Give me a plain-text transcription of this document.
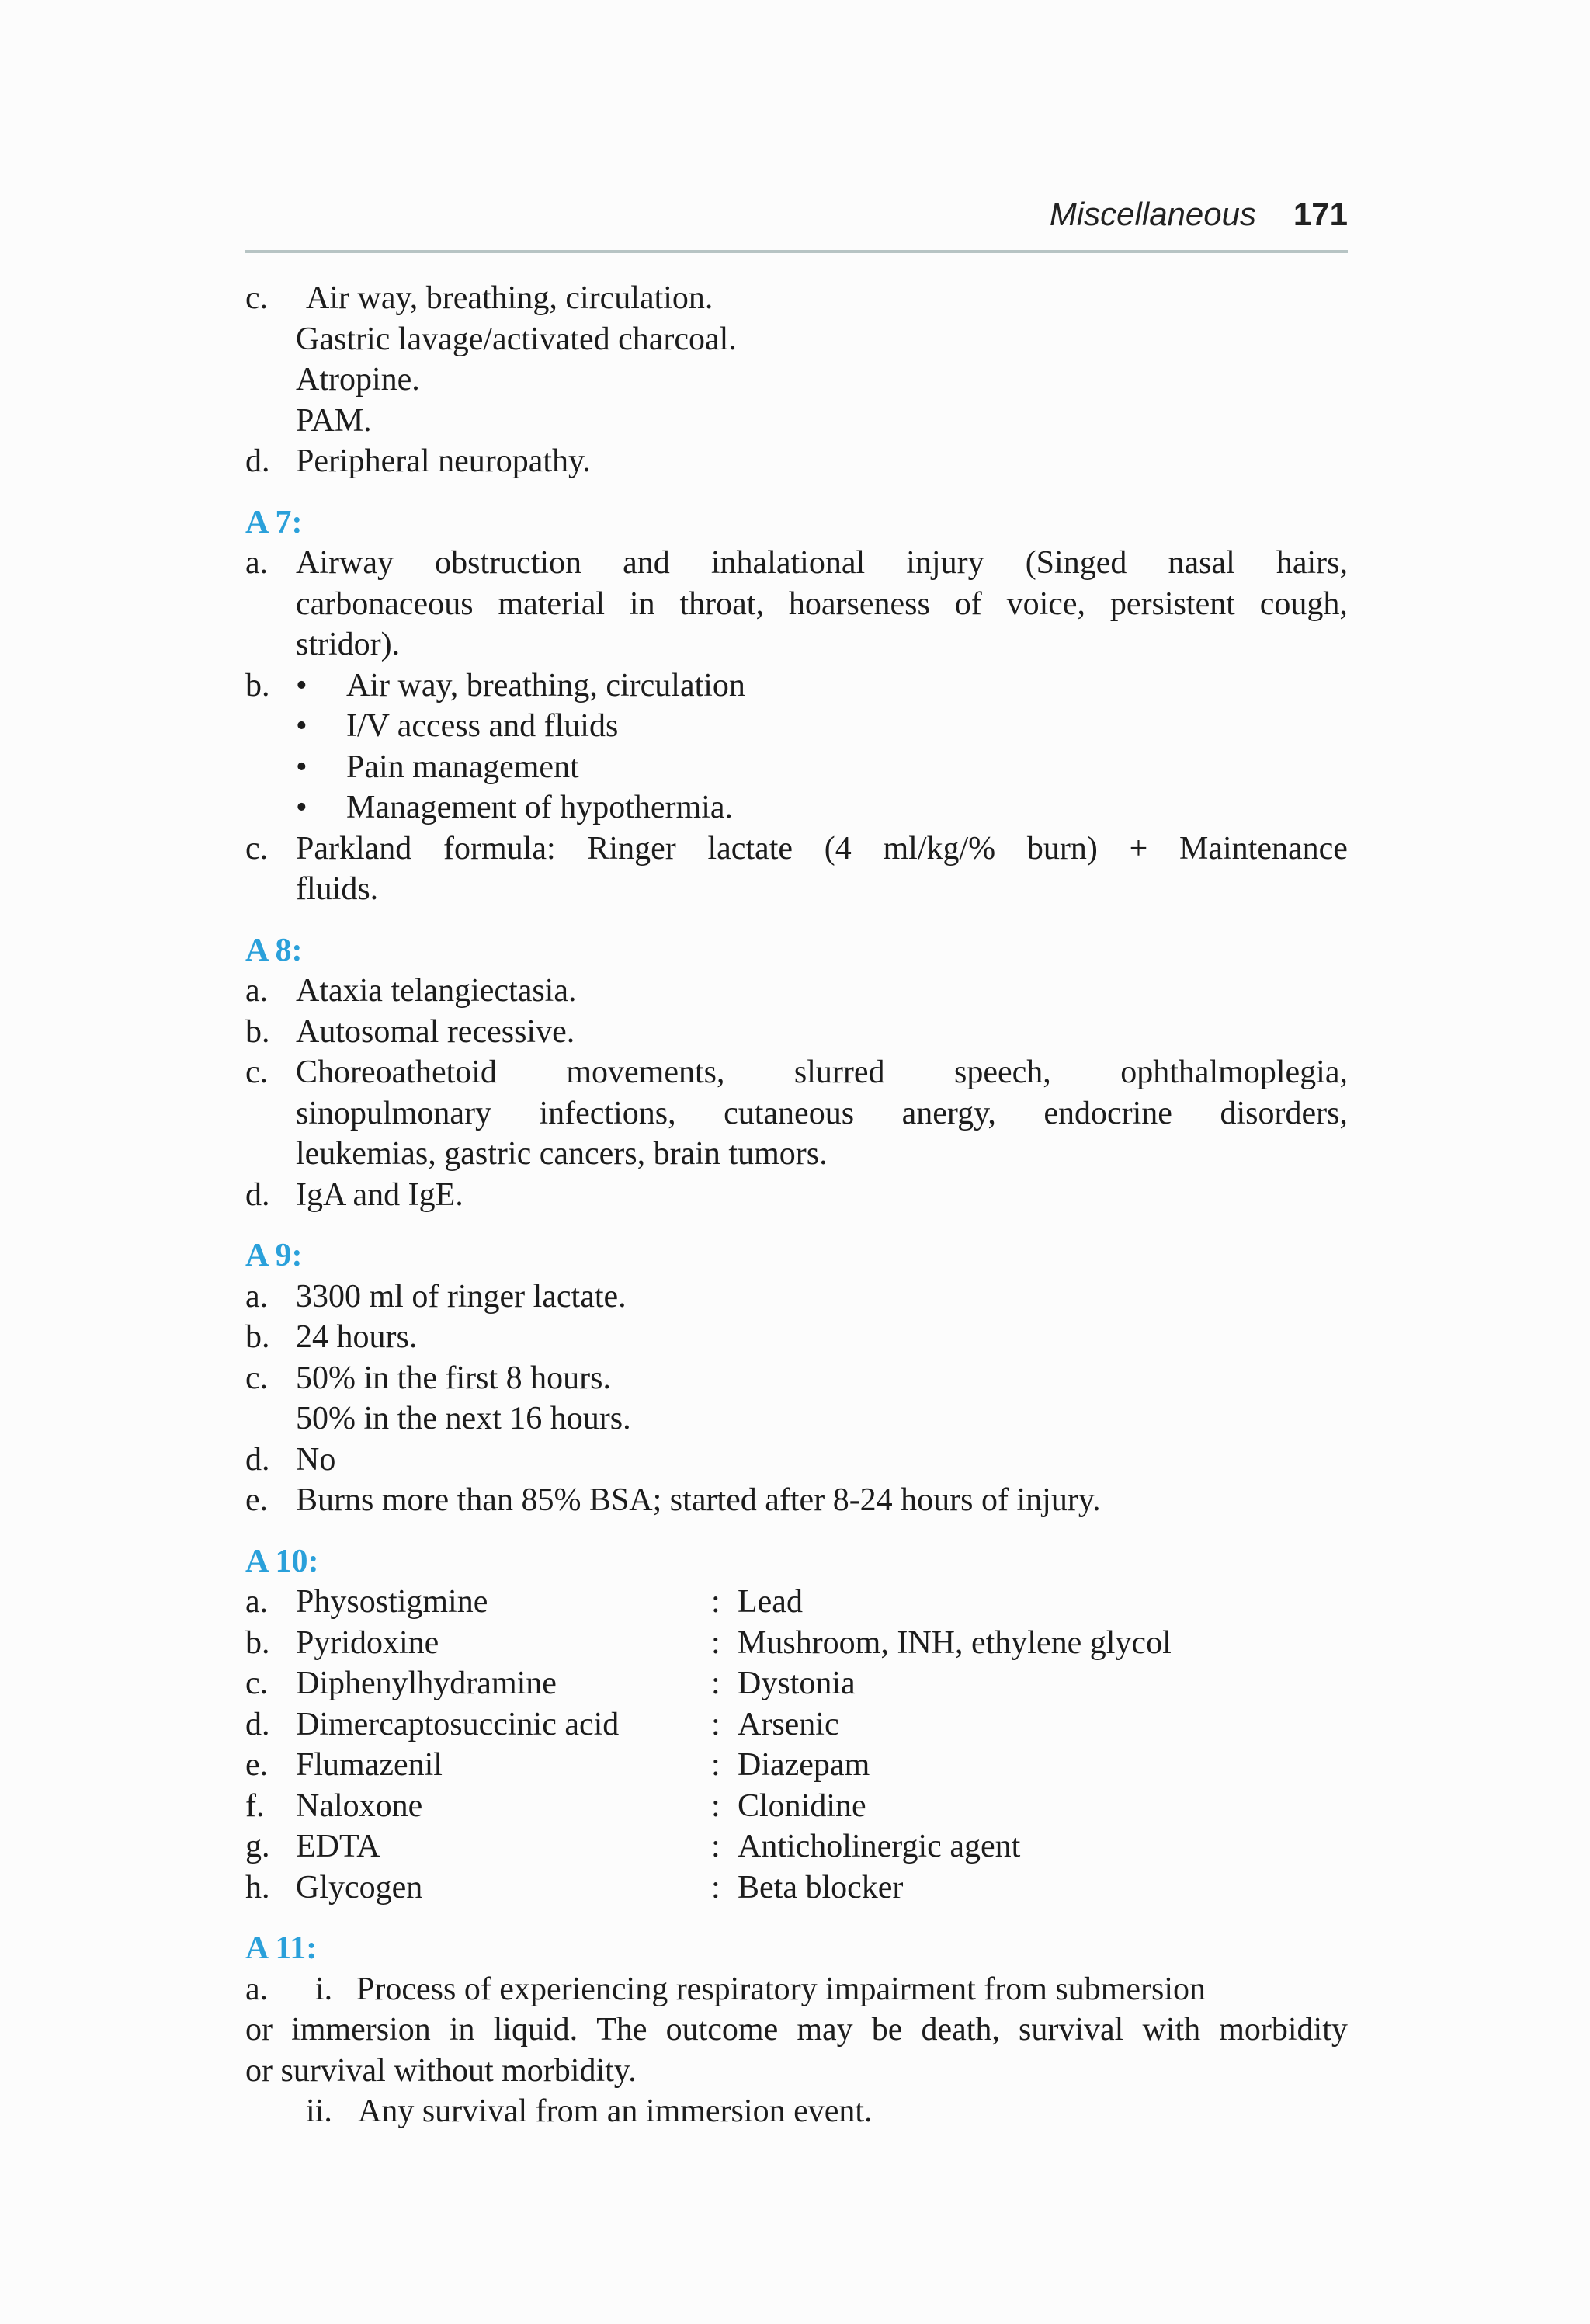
Miscellaneous 171
c. Air way, breathing, circulation.
Gastric lavage/activated charcoal.
Atropine.
PAM.
d. Peripheral neuropathy.
A 7:
a. Airway obstruction and inhalational injury (Singed nasal hairs,
carbonaceous material in throat, hoarseness of voice, persistent cough,
stridor).
b. • Air way, breathing, circulation
• I/V access and fluids
• Pain management
• Management of hypothermia.
c. Parkland formula: Ringer lactate (4 ml/kg/% burn) + Maintenance
fluids.
A 8:
a. Ataxia telangiectasia.
b. Autosomal recessive.
c. Choreoathetoid movements, slurred speech, ophthalmoplegia,
sinopulmonary infections, cutaneous anergy, endocrine disorders,
leukemias, gastric cancers, brain tumors.
d. IgA and IgE.
A 9:
a. 3300 ml of ringer lactate.
b. 24 hours.
c. 50% in the first 8 hours.
50% in the next 16 hours.
d. No
e. Burns more than 85% BSA; started after 8-24 hours of injury.
A 10:
a. Physostigmine	: Lead
b. Pyridoxine	: Mushroom, INH, ethylene glycol
c. Diphenylhydramine	: Dystonia
d. Dimercaptosuccinic acid	: Arsenic
e. Flumazenil	: Diazepam
f. Naloxone	: Clonidine
g. EDTA	: Anticholinergic agent
h. Glycogen	: Beta blocker
A 11:
a. i. Process of experiencing respiratory impairment from submersion
or immersion in liquid. The outcome may be death, survival with morbidity
or survival without morbidity.
ii. Any survival from an immersion event.
